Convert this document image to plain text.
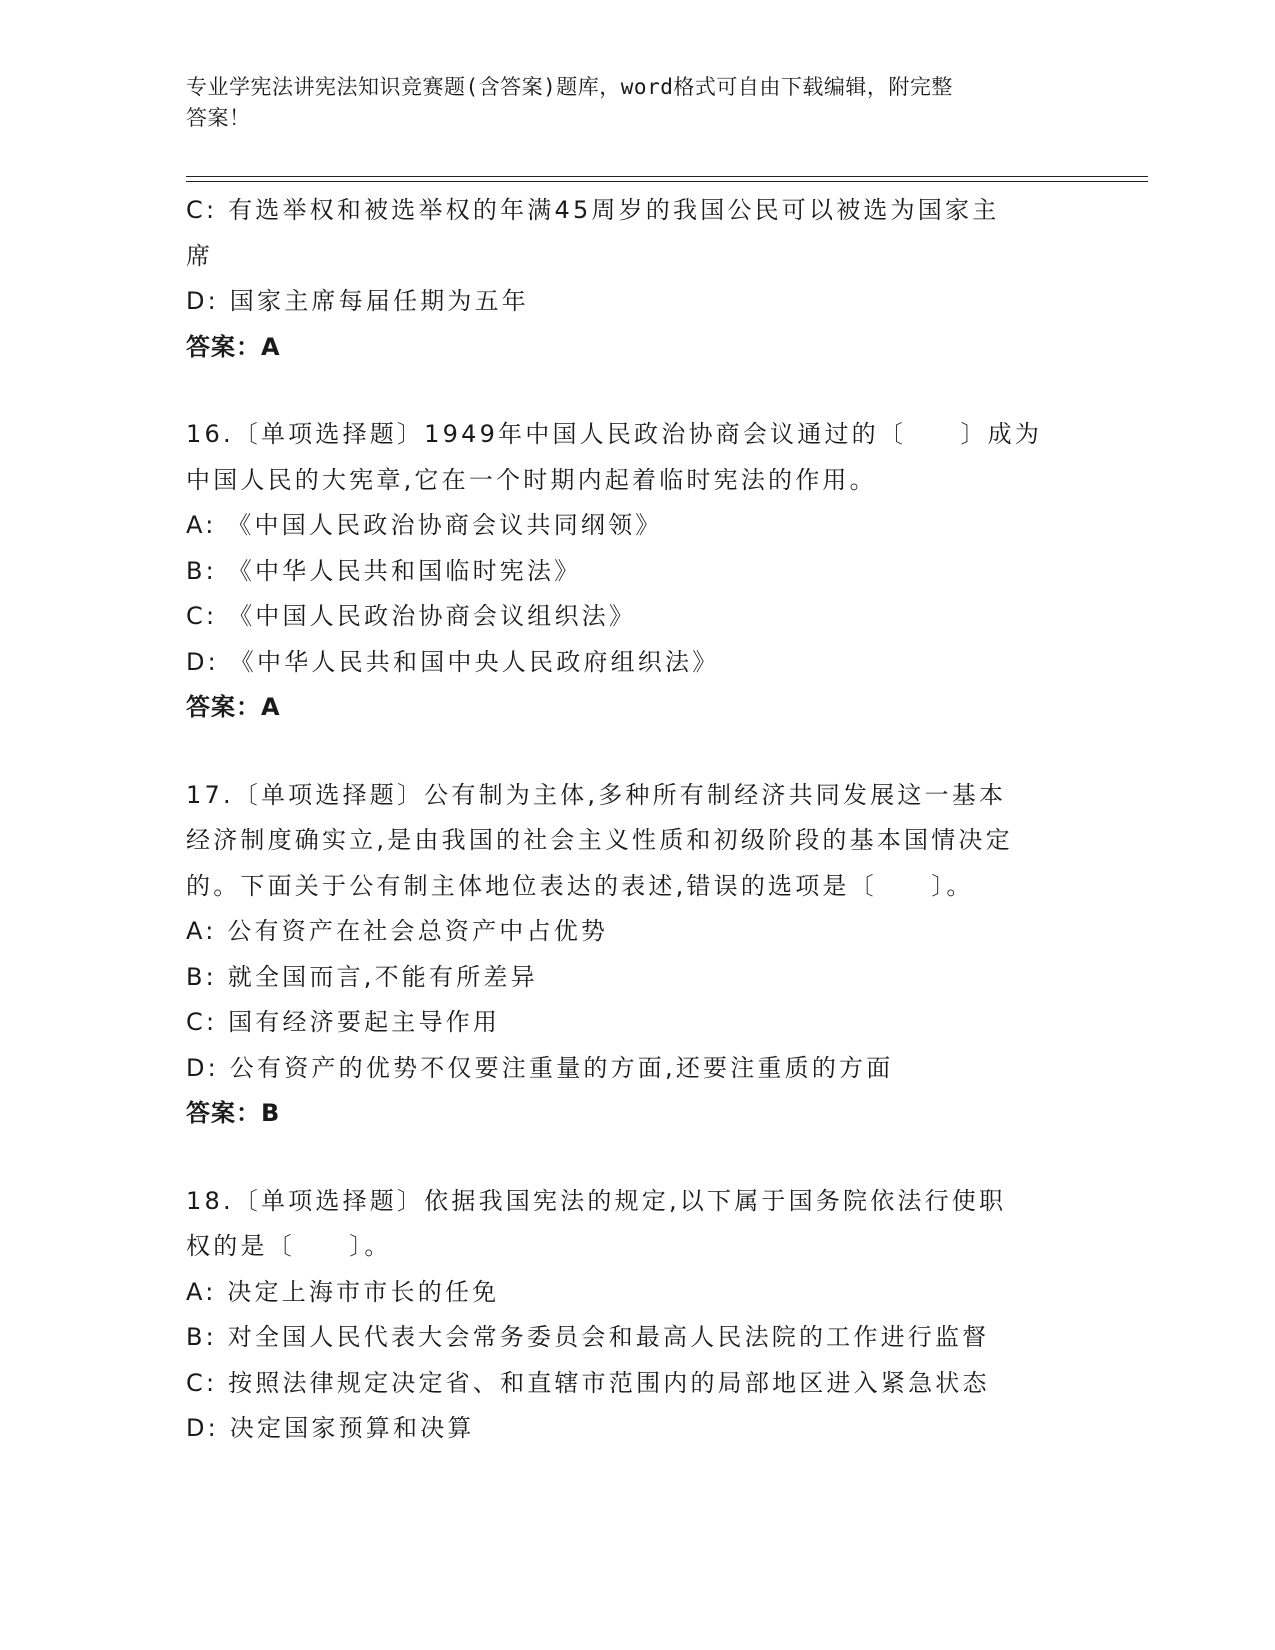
专业学宪法讲宪法知识竞赛题(含答案)题库，word格式可自由下载编辑，附完整
答案！
C: 有选举权和被选举权的年满45周岁的我国公民可以被选为国家主
席
D: 国家主席每届任期为五年
答案：A
16.〔单项选择题〕1949年中国人民政治协商会议通过的〔　　〕成为
中国人民的大宪章,它在一个时期内起着临时宪法的作用。
A: 《中国人民政治协商会议共同纲领》
B: 《中华人民共和国临时宪法》
C: 《中国人民政治协商会议组织法》
D: 《中华人民共和国中央人民政府组织法》
答案：A
17.〔单项选择题〕公有制为主体,多种所有制经济共同发展这一基本
经济制度确实立,是由我国的社会主义性质和初级阶段的基本国情决定
的。下面关于公有制主体地位表达的表述,错误的选项是〔　　〕。
A: 公有资产在社会总资产中占优势
B: 就全国而言,不能有所差异
C: 国有经济要起主导作用
D: 公有资产的优势不仅要注重量的方面,还要注重质的方面
答案：B
18.〔单项选择题〕依据我国宪法的规定,以下属于国务院依法行使职
权的是〔　　〕。
A: 决定上海市市长的任免
B: 对全国人民代表大会常务委员会和最高人民法院的工作进行监督
C: 按照法律规定决定省、和直辖市范围内的局部地区进入紧急状态
D: 决定国家预算和决算
